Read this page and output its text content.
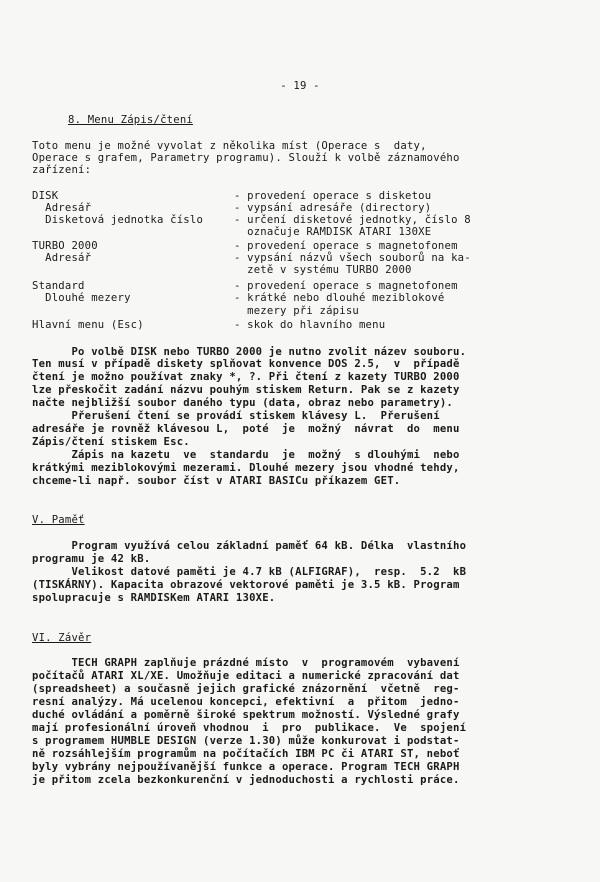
- 19 -
8. Menu Zápis/čtení
Toto menu je možné vyvolat z několika míst (Operace s  daty,
Operace s grafem, Parametry programu). Slouží k volbě záznamového
zařízení:
DISK	- provedení operace s disketou
Adresář	- vypsání adresáře (directory)
Disketová jednotka číslo	- určení disketové jednotky, číslo 8
označuje RAMDISK ATARI 130XE
TURBO 2000	- provedení operace s magnetofonem
Adresář	- vypsání názvů všech souborů na ka-
zetě v systému TURBO 2000
Standard	- provedení operace s magnetofonem
Dlouhé mezery	- krátké nebo dlouhé meziblokové
mezery při zápisu
Hlavní menu (Esc)	- skok do hlavního menu
Po volbě DISK nebo TURBO 2000 je nutno zvolit název souboru.
Ten musí v případě diskety splňovat konvence DOS 2.5,  v  případě
čtení je možno používat znaky *, ?. Při čtení z kazety TURBO 2000
lze přeskočit zadání názvu pouhým stiskem Return. Pak se z kazety
načte nejbližší soubor daného typu (data, obraz nebo parametry).
Přerušení čtení se provádí stiskem klávesy L.  Přerušení
adresáře je rovněž klávesou L,  poté  je  možný  návrat  do  menu
Zápis/čtení stiskem Esc.
Zápis na kazetu  ve  standardu  je  možný  s dlouhými  nebo
krátkými meziblokovými mezerami. Dlouhé mezery jsou vhodné tehdy,
chceme-li např. soubor číst v ATARI BASICu příkazem GET.
V. Paměť
Program využívá celou základní paměť 64 kB. Délka  vlastního
programu je 42 kB.
Velikost datové paměti je 4.7 kB (ALFIGRAF),  resp.  5.2  kB
(TISKÁRNY). Kapacita obrazové vektorové paměti je 3.5 kB. Program
spolupracuje s RAMDISKem ATARI 130XE.
VI. Závěr
TECH GRAPH zaplňuje prázdné místo  v  programovém  vybavení
počítačů ATARI XL/XE. Umožňuje editaci a numerické zpracování dat
(spreadsheet) a současně jejich grafické znázornění  včetně  reg-
resní analýzy. Má ucelenou koncepci, efektivní  a  přitom  jedno-
duché ovládání a poměrně široké spektrum možností. Výsledné grafy
mají profesionální úroveň vhodnou  i  pro  publikace.  Ve  spojení
s programem HUMBLE DESIGN (verze 1.30) může konkurovat i podstat-
ně rozsáhlejším programům na počítačích IBM PC či ATARI ST, neboť
byly vybrány nejpoužívanější funkce a operace. Program TECH GRAPH
je přitom zcela bezkonkurenční v jednoduchosti a rychlosti práce.
